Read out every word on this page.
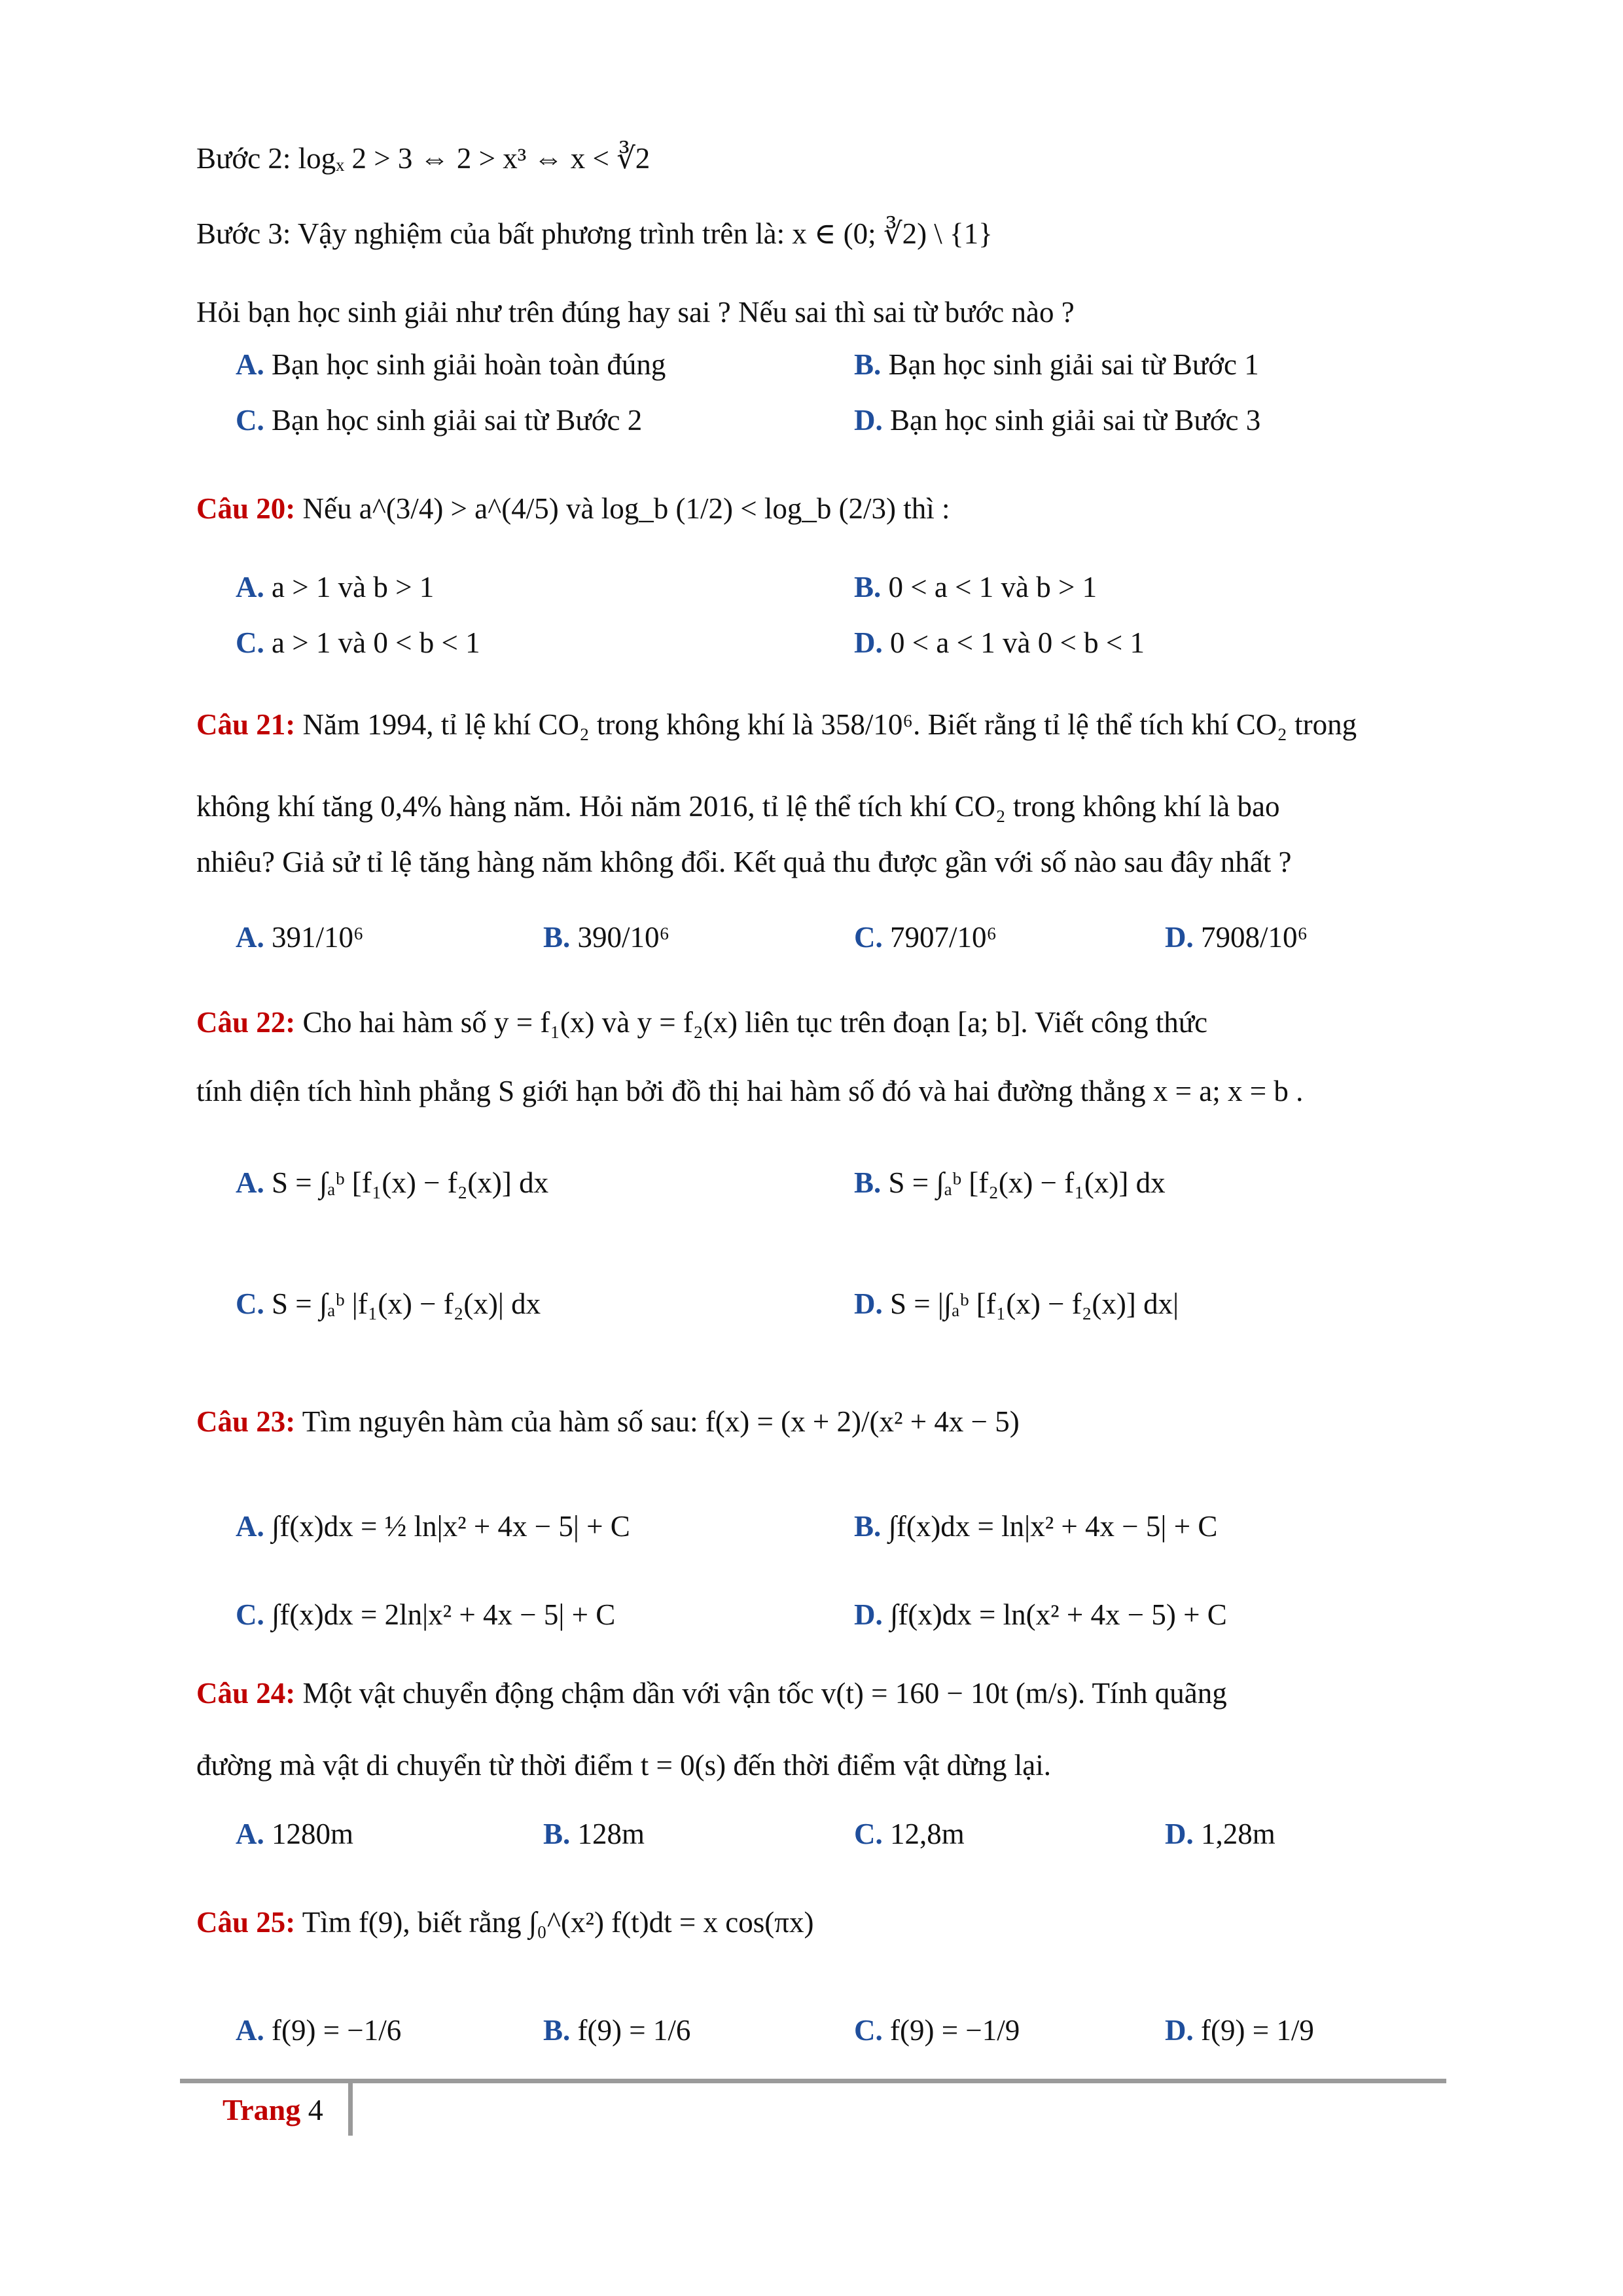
Bước 2: logₓ 2 > 3 ⇔ 2 > x³ ⇔ x < ∛2
Bước 3: Vậy nghiệm của bất phương trình trên là: x ∈ (0; ∛2) \ {1}
Hỏi bạn học sinh giải như trên đúng hay sai ? Nếu sai thì sai từ bước nào ?
A. Bạn học sinh giải hoàn toàn đúng	B. Bạn học sinh giải sai từ Bước 1
C. Bạn học sinh giải sai từ Bước 2	D. Bạn học sinh giải sai từ Bước 3
Câu 20: Nếu a^(3/4) > a^(4/5) và log_b (1/2) < log_b (2/3) thì :
A. a > 1 và b > 1	B. 0 < a < 1 và b > 1
C. a > 1 và 0 < b < 1	D. 0 < a < 1 và 0 < b < 1
Câu 21: Năm 1994, tỉ lệ khí CO₂ trong không khí là 358/10⁶. Biết rằng tỉ lệ thể tích khí CO₂ trong
không khí tăng 0,4% hàng năm. Hỏi năm 2016, tỉ lệ thể tích khí CO₂ trong không khí là bao
nhiêu? Giả sử tỉ lệ tăng hàng năm không đổi. Kết quả thu được gần với số nào sau đây nhất ?
A. 391/10⁶	B. 390/10⁶	C. 7907/10⁶	D. 7908/10⁶
Câu 22: Cho hai hàm số y = f₁(x) và y = f₂(x) liên tục trên đoạn [a; b]. Viết công thức
tính diện tích hình phẳng S giới hạn bởi đồ thị hai hàm số đó và hai đường thẳng x = a; x = b .
A. S = ∫ₐᵇ [f₁(x) − f₂(x)] dx	B. S = ∫ₐᵇ [f₂(x) − f₁(x)] dx
C. S = ∫ₐᵇ |f₁(x) − f₂(x)| dx	D. S = |∫ₐᵇ [f₁(x) − f₂(x)] dx|
Câu 23: Tìm nguyên hàm của hàm số sau: f(x) = (x + 2)/(x² + 4x − 5)
A. ∫f(x)dx = ½ ln|x² + 4x − 5| + C	B. ∫f(x)dx = ln|x² + 4x − 5| + C
C. ∫f(x)dx = 2ln|x² + 4x − 5| + C	D. ∫f(x)dx = ln(x² + 4x − 5) + C
Câu 24: Một vật chuyển động chậm dần với vận tốc v(t) = 160 − 10t (m/s). Tính quãng
đường mà vật di chuyển từ thời điểm t = 0(s) đến thời điểm vật dừng lại.
A. 1280m	B. 128m	C. 12,8m	D. 1,28m
Câu 25: Tìm f(9), biết rằng ∫₀^(x²) f(t)dt = x cos(πx)
A. f(9) = −1/6	B. f(9) = 1/6	C. f(9) = −1/9	D. f(9) = 1/9
Trang 4
